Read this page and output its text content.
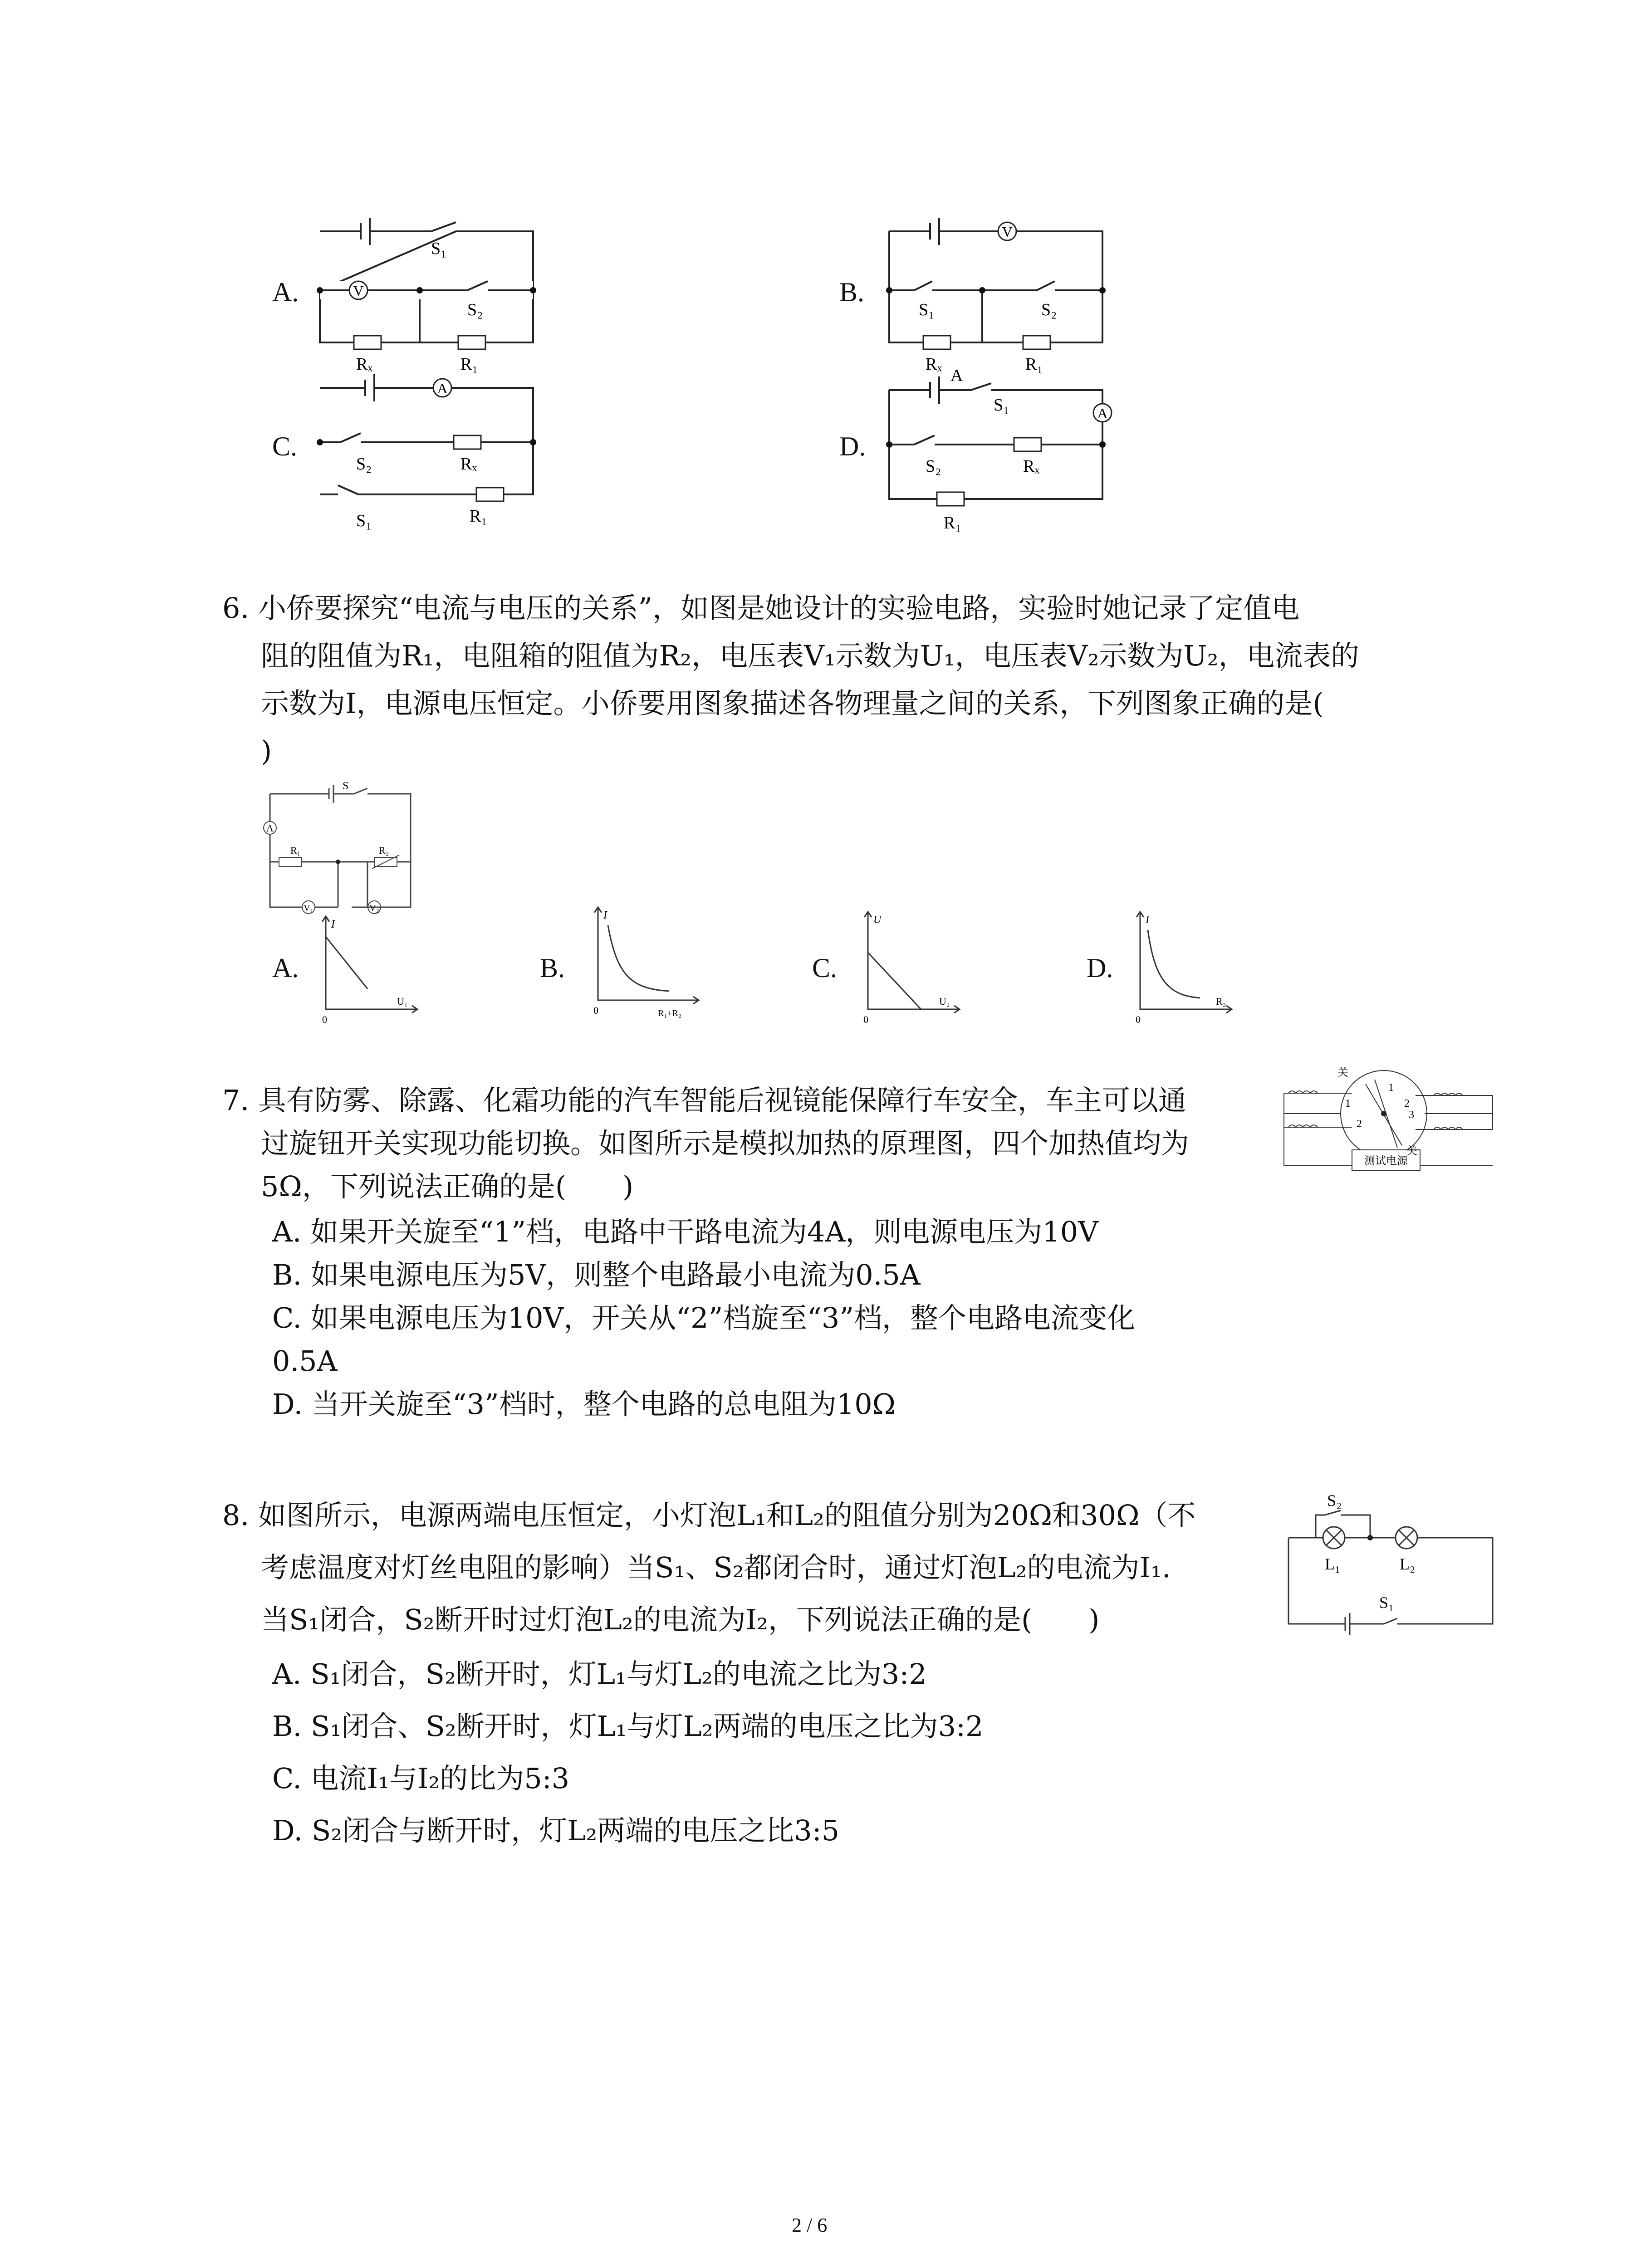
A.	V
S₁
S₂
Rₓ	R₁
B.
V
S₁	S₂
Rₓ	R₁
C.
A
S₂	Rₓ
S₁	R₁
D.
A
A
S₁
S₂	Rₓ
R₁
6. 小侨要探究“电流与电压的关系”，如图是她设计的实验电路，实验时她记录了定值电
阻的阻值为R₁，电阻箱的阻值为R₂，电压表V₁示数为U₁，电压表V₂示数为U₂，电流表的
示数为I，电源电压恒定。小侨要用图象描述各物理量之间的关系，下列图象正确的是(
)
S
A
R₁	R₂
V₁	V₂
A.
I
U₁
0
B.
I
R₁+R₂
0
C.
U
U₂
0
D.
I
R₂
0
7. 具有防雾、除露、化霜功能的汽车智能后视镜能保障行车安全，车主可以通
过旋钮开关实现功能切换。如图所示是模拟加热的原理图，四个加热值均为
5Ω，下列说法正确的是(　　)
A. 如果开关旋至“1”档，电路中干路电流为4A，则电源电压为10V
B. 如果电源电压为5V，则整个电路最小电流为0.5A
C. 如果电源电压为10V，开关从“2”档旋至“3”档，整个电路电流变化
0.5A
D. 当开关旋至“3”档时，整个电路的总电阻为10Ω
关
关
1
2
3
1
2
测试电源
8. 如图所示，电源两端电压恒定，小灯泡L₁和L₂的阻值分别为20Ω和30Ω（不
考虑温度对灯丝电阻的影响）当S₁、S₂都闭合时，通过灯泡L₂的电流为I₁.
当S₁闭合，S₂断开时过灯泡L₂的电流为I₂，下列说法正确的是(　　)
A. S₁闭合，S₂断开时，灯L₁与灯L₂的电流之比为3:2
B. S₁闭合、S₂断开时，灯L₁与灯L₂两端的电压之比为3:2
C. 电流I₁与I₂的比为5:3
D. S₂闭合与断开时，灯L₂两端的电压之比3:5
S₂
L₁	L₂
S₁
2 / 6
